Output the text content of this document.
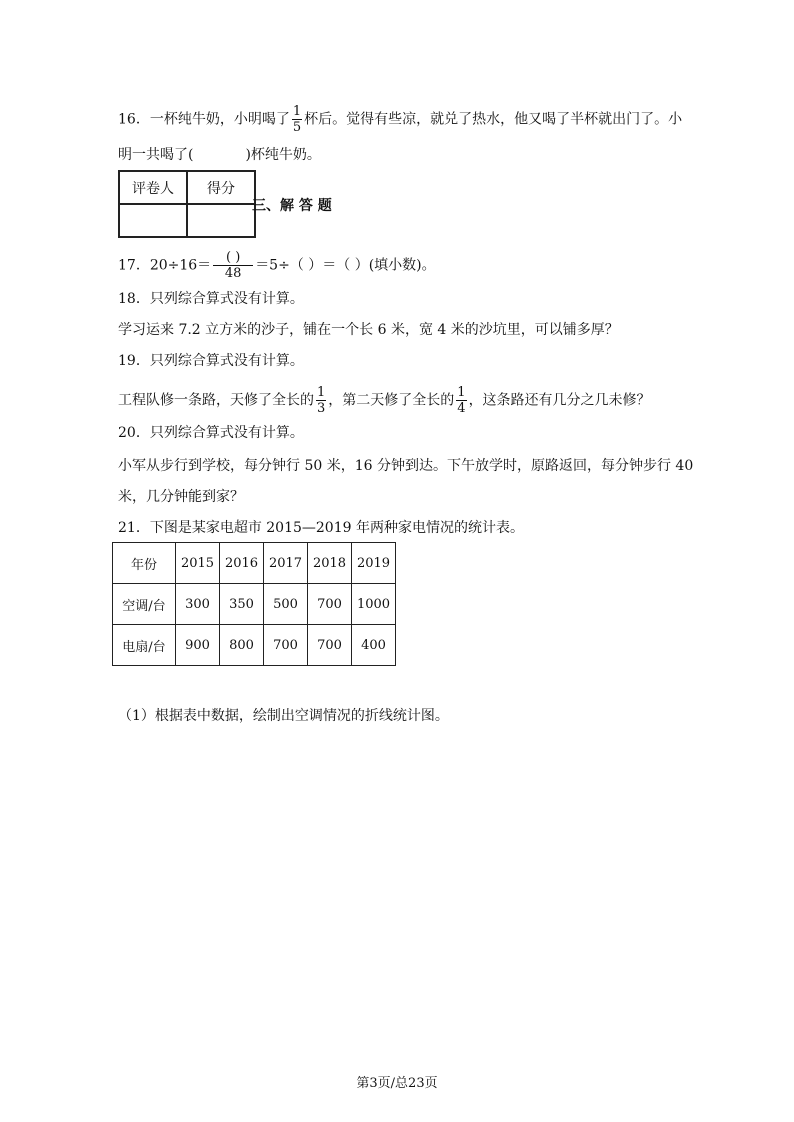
16．一杯纯牛奶，小明喝了 $\frac{1}{5}$ 杯后。觉得有些凉，就兑了热水，他又喝了半杯就出门了。小
明一共喝了(	)杯纯牛奶。
评卷人	得分

三、解 答 题
17．$20\div 16= \frac{( )}{48} =5\div$（ ）＝（ ）(填小数)。
18．只列综合算式没有计算。
学习运来 7.2 立方米的沙子，铺在一个长 6 米，宽 4 米的沙坑里，可以铺多厚？
19．只列综合算式没有计算。
工程队修一条路，天修了全长的 $\frac{1}{3}$ ，第二天修了全长的 $\frac{1}{4}$ ，这条路还有几分之几未修？
20．只列综合算式没有计算。
小军从步行到学校，每分钟行 50 米，16 分钟到达。下午放学时，原路返回，每分钟步行 40
米，几分钟能到家？
21．下图是某家电超市 2015—2019 年两种家电情况的统计表。
年份	2015	2016	2017	2018	2019
空调/台	300	350	500	700	1000
电扇/台	900	800	700	700	400
（1）根据表中数据，绘制出空调情况的折线统计图。
第3页/总23页
